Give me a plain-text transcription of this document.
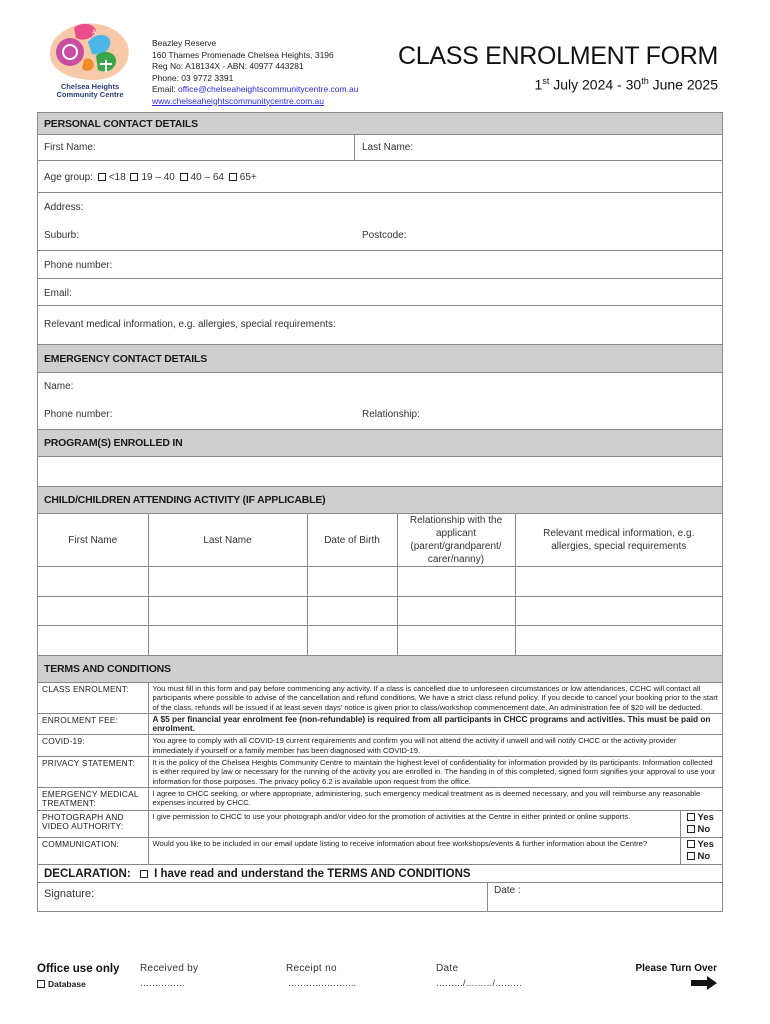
A
Chelsea Heights
Community Centre
Beazley Reserve
160 Thames Promenade Chelsea Heights, 3196
Reg No: A18134X - ABN: 40977 443281
Phone: 03 9772 3391
Email: office@chelseaheightscommunitycentre.com.au
www.chelseaheightscommunitycentre.com.au
CLASS ENROLMENT FORM
1st July 2024 - 30th June 2025
PERSONAL CONTACT DETAILS
First Name:	Last Name:
Age group: <18 19 – 40 40 – 64 65+
Address:
Suburb:	Postcode:
Phone number:
Email:
Relevant medical information, e.g. allergies, special requirements:
EMERGENCY CONTACT DETAILS
Name:
Phone number:	Relationship:
PROGRAM(S) ENROLLED IN
CHILD/CHILDREN ATTENDING ACTIVITY (IF APPLICABLE)
First Name	Last Name	Date of Birth	Relationship with the applicant (parent/grandparent/ carer/nanny)	Relevant medical information, e.g. allergies, special requirements

TERMS AND CONDITIONS
CLASS ENROLMENT:	You must fill in this form and pay before commencing any activity. If a class is cancelled due to unforeseen circumstances or low attendances, CCHC will contact all participants where possible to advise of the cancellation and refund conditions. We have a strict class refund policy. If you decide to cancel your booking prior to the start of the class, refunds will be issued if at least seven days' notice is given prior to class/workshop commencement date. An administration fee of $20 will be deducted.	
ENROLMENT FEE:	A $5 per financial year enrolment fee (non-refundable) is required from all participants in CHCC programs and activities. This must be paid on enrolment.	
COVID-19:	You agree to comply with all COVID-19 current requirements and confirm you will not attend the activity if unwell and will notify CHCC or the activity provider immediately if yourself or a family member has been diagnosed with COVID-19.	
PRIVACY STATEMENT:	It is the policy of the Chelsea Heights Community Centre to maintain the highest level of confidentiality for information provided by its participants. Information collected is either required by law or necessary for the running of the activity you are enrolled in. The handing in of this completed, signed form signifies your approval to use your information for those purposes. The privacy policy 6.2 is available upon request from the office.	
EMERGENCY MEDICAL TREATMENT:	I agree to CHCC seeking, or where appropriate, administering, such emergency medical treatment as is deemed necessary, and you will reimburse any reasonable expenses incurred by CHCC.	
PHOTOGRAPH AND VIDEO AUTHORITY:	I give permission to CHCC to use your photograph and/or video for the promotion of activities at the Centre in either printed or online supports.	Yes
No

COMMUNICATION:	Would you like to be included in our email update listing to receive information about free workshops/events & further information about the Centre?	Yes
No
DECLARATION: I have read and understand the TERMS AND CONDITIONS
Signature:	Date :
Office use only
Database
Received by
……………
Receipt no
…………………..
Date
………/………/………
Please Turn Over
